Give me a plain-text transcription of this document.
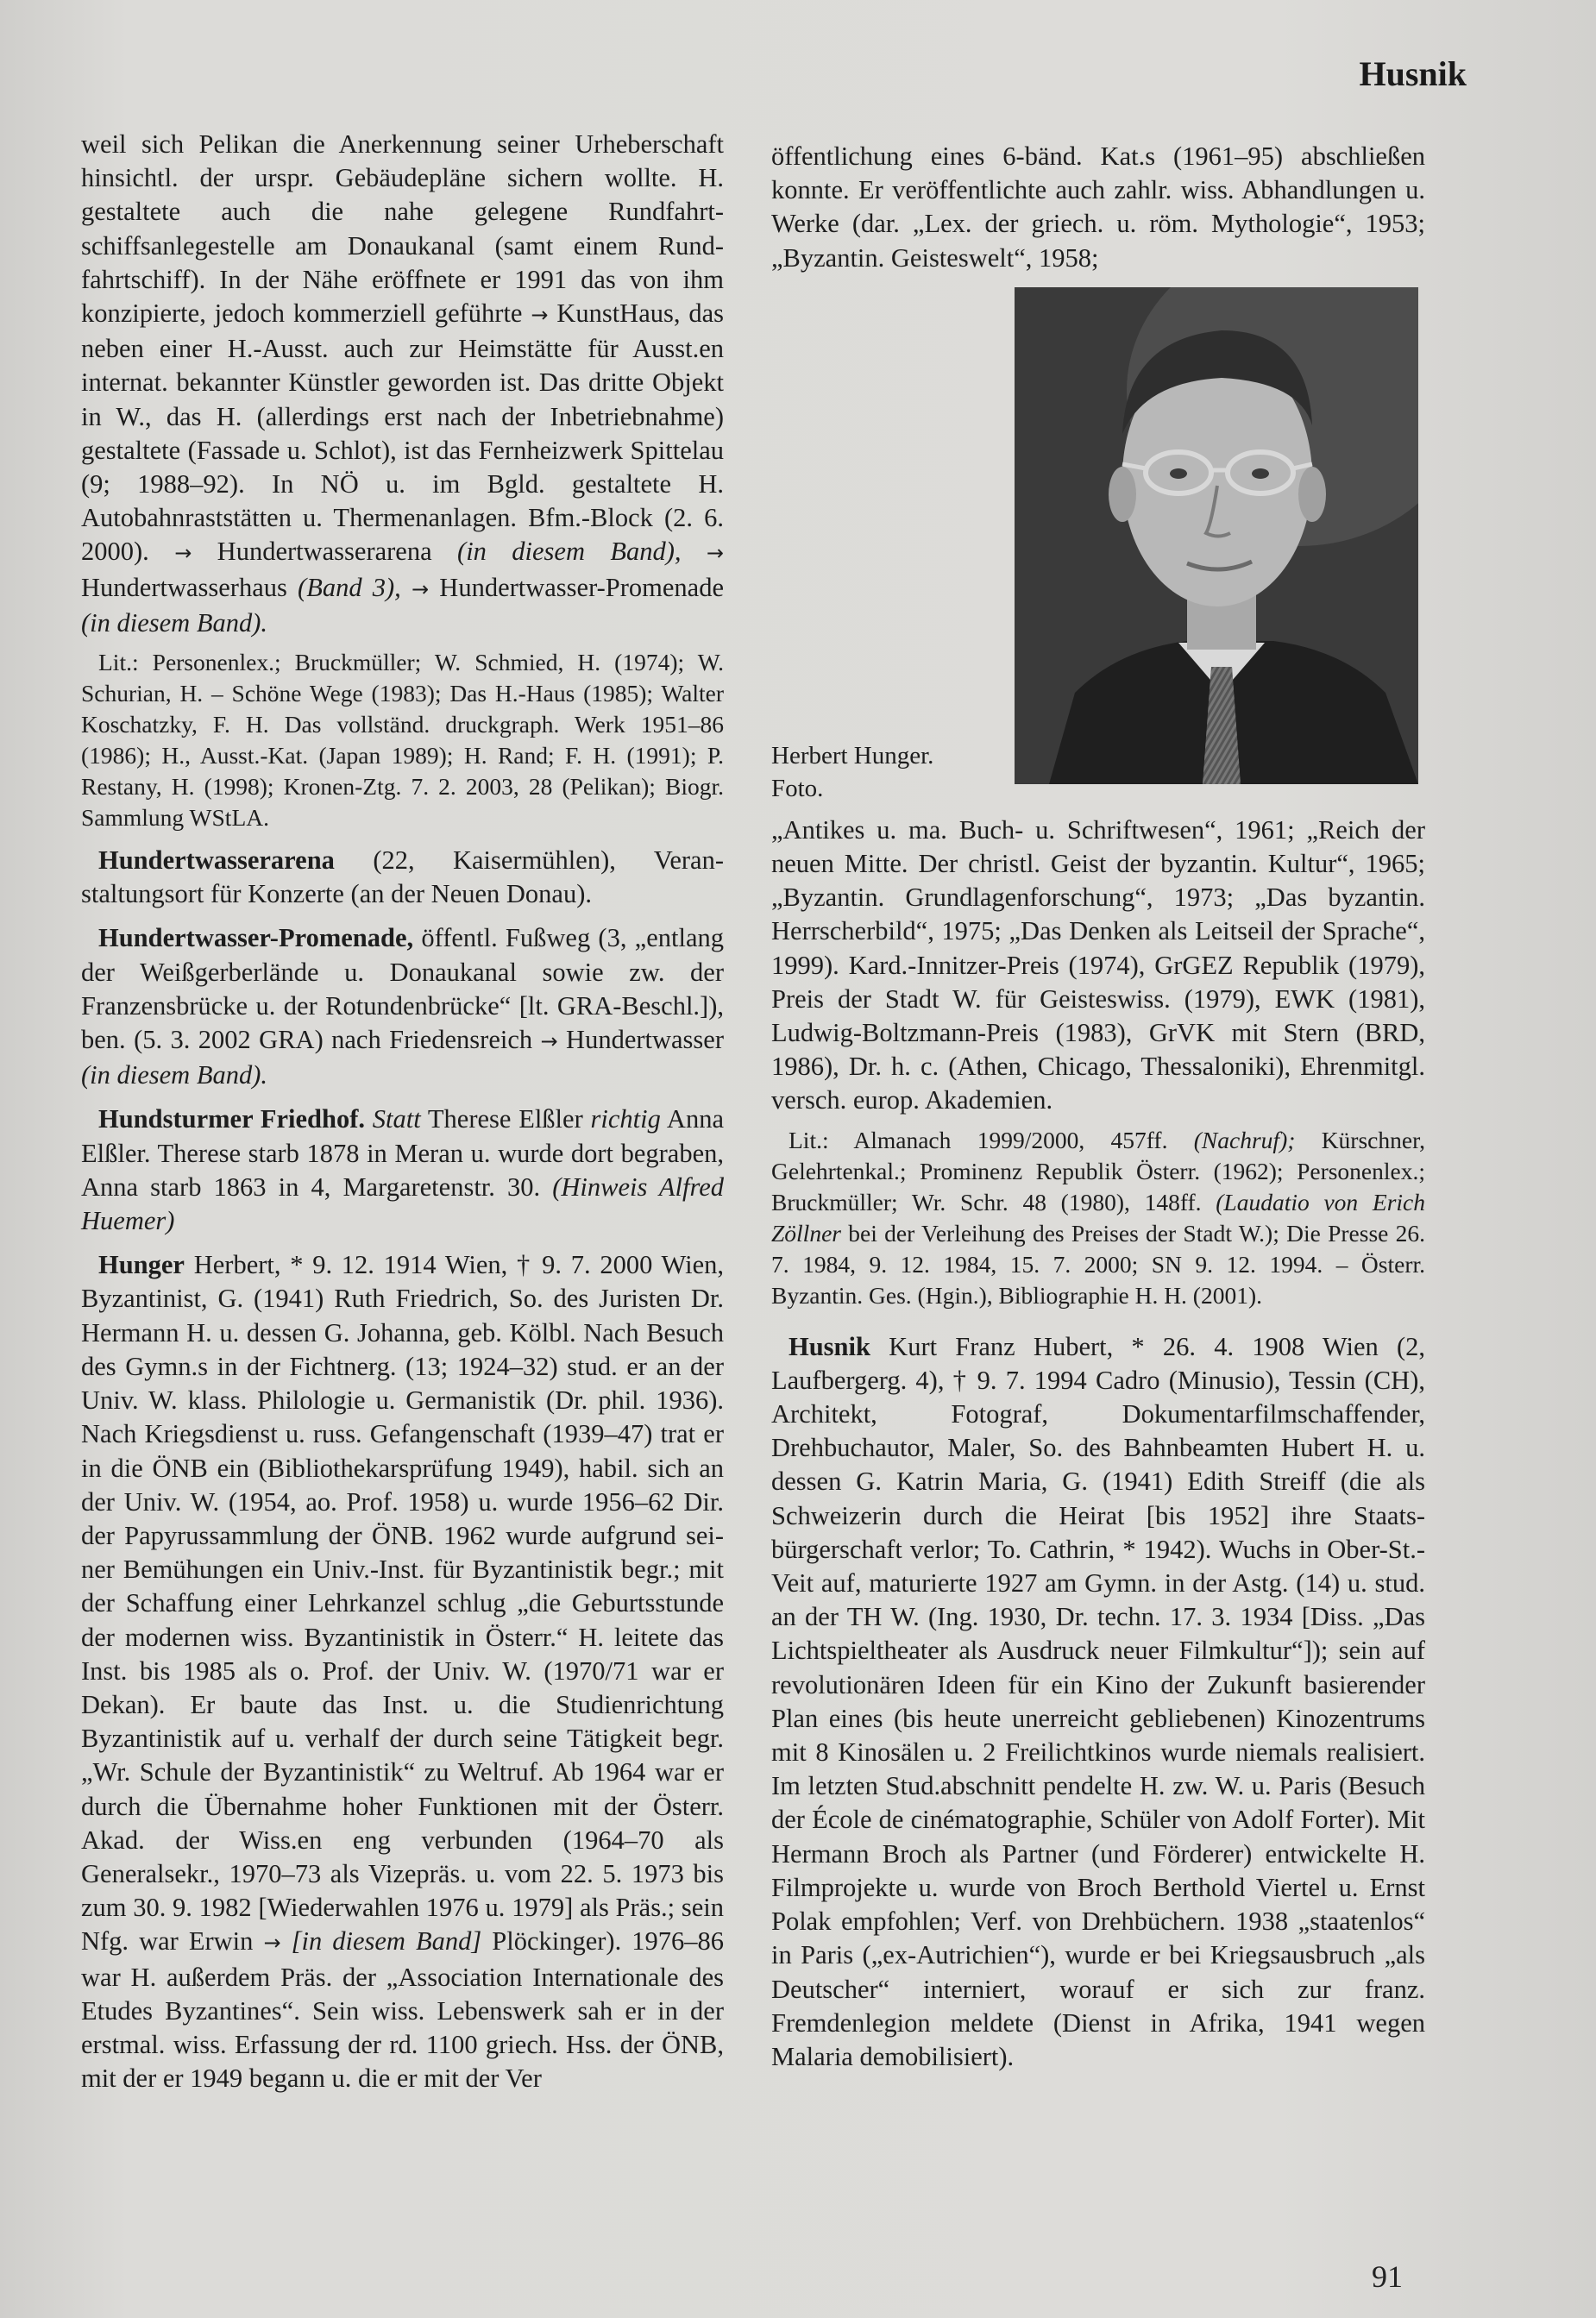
Husnik

weil sich Pelikan die Anerkennung seiner Urheberschaft hinsichtl. der urspr. Gebäudepläne sichern wollte. H. gestaltete auch die nahe gelegene Rundfahrtschiffsanlegestelle am Donaukanal (samt einem Rundfahrtschiff). In der Nähe eröffnete er 1991 das von ihm konzipierte, jedoch kommerziell geführte → KunstHaus, das neben einer H.-Ausst. auch zur Heimstätte für Ausst.en internat. bekannter Künstler geworden ist. Das dritte Objekt in W., das H. (allerdings erst nach der Inbetriebnahme) gestaltete (Fassade u. Schlot), ist das Fernheizwerk Spittelau (9; 1988–92). In NÖ u. im Bgld. gestaltete H. Autobahnraststätten u. Thermenanlagen. Bfm.-Block (2. 6. 2000). → Hundertwasserarena (in diesem Band), → Hundertwasserhaus (Band 3), → Hundertwasser-Promenade (in diesem Band).

Lit.: Personenlex.; Bruckmüller; W. Schmied, H. (1974); W. Schurian, H. – Schöne Wege (1983); Das H.-Haus (1985); Walter Koschatzky, F. H. Das vollständ. druckgraph. Werk 1951–86 (1986); H., Ausst.-Kat. (Japan 1989); H. Rand; F. H. (1991); P. Restany, H. (1998); Kronen-Ztg. 7. 2. 2003, 28 (Pelikan); Biogr. Sammlung WStLA.

Hundertwasserarena (22, Kaisermühlen), Veranstaltungsort für Konzerte (an der Neuen Donau).

Hundertwasser-Promenade, öffentl. Fußweg (3, „entlang der Weißgerberlände u. Donaukanal sowie zw. der Franzensbrücke u. der Rotundenbrücke“ [lt. GRA-Beschl.]), ben. (5. 3. 2002 GRA) nach Friedensreich → Hundertwasser (in diesem Band).

Hundsturmer Friedhof. Statt Therese Elßler richtig Anna Elßler. Therese starb 1878 in Meran u. wurde dort begraben, Anna starb 1863 in 4, Margaretenstr. 30. (Hinweis Alfred Huemer)

Hunger Herbert, * 9. 12. 1914 Wien, † 9. 7. 2000 Wien, Byzantinist, G. (1941) Ruth Friedrich, So. des Juristen Dr. Hermann H. u. dessen G. Johanna, geb. Kölbl. Nach Besuch des Gymn.s in der Fichtnerg. (13; 1924–32) stud. er an der Univ. W. klass. Philologie u. Germanistik (Dr. phil. 1936). Nach Kriegsdienst u. russ. Gefangenschaft (1939–47) trat er in die ÖNB ein (Bibliothekarsprüfung 1949), habil. sich an der Univ. W. (1954, ao. Prof. 1958) u. wurde 1956–62 Dir. der Papyrussammlung der ÖNB. 1962 wurde aufgrund seiner Bemühungen ein Univ.-Inst. für Byzantinistik begr.; mit der Schaffung einer Lehrkanzel schlug „die Geburtsstunde der modernen wiss. Byzantinistik in Österr.“ H. leitete das Inst. bis 1985 als o. Prof. der Univ. W. (1970/71 war er Dekan). Er baute das Inst. u. die Studienrichtung Byzantinistik auf u. verhalf der durch seine Tätigkeit begr. „Wr. Schule der Byzantinistik“ zu Weltruf. Ab 1964 war er durch die Übernahme hoher Funktionen mit der Österr. Akad. der Wiss.en eng verbunden (1964–70 als Generalsekr., 1970–73 als Vizepräs. u. vom 22. 5. 1973 bis zum 30. 9. 1982 [Wiederwahlen 1976 u. 1979] als Präs.; sein Nfg. war Erwin → [in diesem Band] Plöckinger). 1976–86 war H. außerdem Präs. der „Association Internationale des Etudes Byzantines“. Sein wiss. Lebenswerk sah er in der erstmal. wiss. Erfassung der rd. 1100 griech. Hss. der ÖNB, mit der er 1949 begann u. die er mit der Ver

öffentlichung eines 6-bänd. Kat.s (1961–95) abschließen konnte. Er veröffentlichte auch zahlr. wiss. Abhandlungen u. Werke (dar. „Lex. der griech. u. röm. Mythologie“, 1953; „Byzantin. Geisteswelt“, 1958;

Herbert Hunger. Foto.

„Antikes u. ma. Buch- u. Schriftwesen“, 1961; „Reich der neuen Mitte. Der christl. Geist der byzantin. Kultur“, 1965; „Byzantin. Grundlagenforschung“, 1973; „Das byzantin. Herrscherbild“, 1975; „Das Denken als Leitseil der Sprache“, 1999). Kard.-Innitzer-Preis (1974), GrGEZ Republik (1979), Preis der Stadt W. für Geisteswiss. (1979), EWK (1981), Ludwig-Boltzmann-Preis (1983), GrVK mit Stern (BRD, 1986), Dr. h. c. (Athen, Chicago, Thessaloniki), Ehrenmitgl. versch. europ. Akademien.

Lit.: Almanach 1999/2000, 457ff. (Nachruf); Kürschner, Gelehrtenkal.; Prominenz Republik Österr. (1962); Personenlex.; Bruckmüller; Wr. Schr. 48 (1980), 148ff. (Laudatio von Erich Zöllner bei der Verleihung des Preises der Stadt W.); Die Presse 26. 7. 1984, 9. 12. 1984, 15. 7. 2000; SN 9. 12. 1994. – Österr. Byzantin. Ges. (Hgin.), Bibliographie H. H. (2001).

Husnik Kurt Franz Hubert, * 26. 4. 1908 Wien (2, Laufbergerg. 4), † 9. 7. 1994 Cadro (Minusio), Tessin (CH), Architekt, Fotograf, Dokumentarfilmschaffender, Drehbuchautor, Maler, So. des Bahnbeamten Hubert H. u. dessen G. Katrin Maria, G. (1941) Edith Streiff (die als Schweizerin durch die Heirat [bis 1952] ihre Staatsbürgerschaft verlor; To. Cathrin, * 1942). Wuchs in Ober-St.-Veit auf, maturierte 1927 am Gymn. in der Astg. (14) u. stud. an der TH W. (Ing. 1930, Dr. techn. 17. 3. 1934 [Diss. „Das Lichtspieltheater als Ausdruck neuer Filmkultur“]); sein auf revolutionären Ideen für ein Kino der Zukunft basierender Plan eines (bis heute unerreicht gebliebenen) Kinozentrums mit 8 Kinosälen u. 2 Freilichtkinos wurde niemals realisiert. Im letzten Stud.abschnitt pendelte H. zw. W. u. Paris (Besuch der École de cinématographie, Schüler von Adolf Forter). Mit Hermann Broch als Partner (und Förderer) entwickelte H. Filmprojekte u. wurde von Broch Berthold Viertel u. Ernst Polak empfohlen; Verf. von Drehbüchern. 1938 „staatenlos“ in Paris („ex-Autrichien“), wurde er bei Kriegsausbruch „als Deutscher“ interniert, worauf er sich zur franz. Fremdenlegion meldete (Dienst in Afrika, 1941 wegen Malaria demobilisiert).

91
